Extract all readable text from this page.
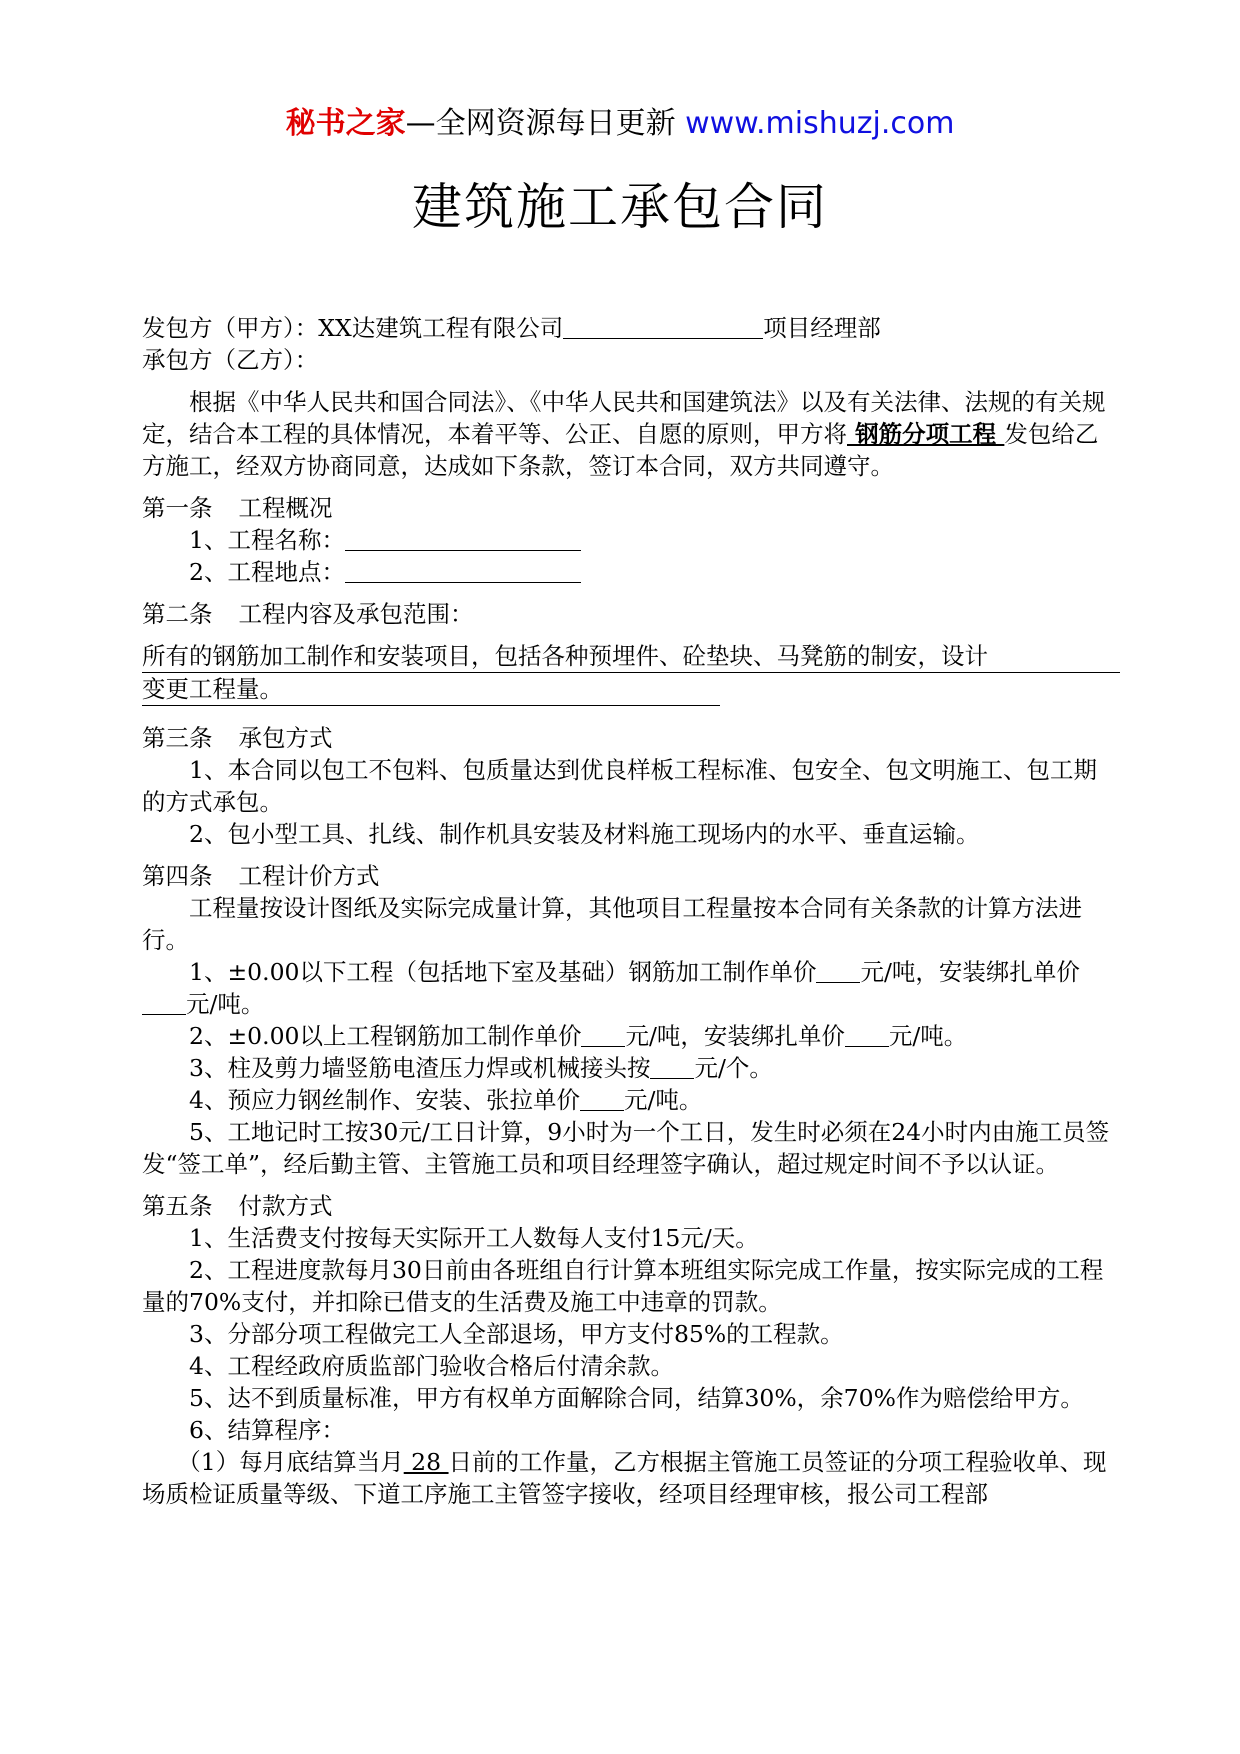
秘书之家—全网资源每日更新 www.mishuzj.com
建筑施工承包合同

发包方（甲方）：XX达建筑工程有限公司	项目经理部

承包方（乙方）：

根据《中华人民共和国合同法》、《中华人民共和国建筑法》以及有关法律、法规的有关规定，结合本工程的具体情况，本着平等、公正、自愿的原则，甲方将 钢筋分项工程 发包给乙方施工，经双方协商同意，达成如下条款，签订本合同，双方共同遵守。

第一条 工程概况

1、工程名称：

2、工程地点：

第二条 工程内容及承包范围：

所有的钢筋加工制作和安装项目，包括各种预埋件、砼垫块、马凳筋的制安，设计
变更工程量。

第三条 承包方式

1、本合同以包工不包料、包质量达到优良样板工程标准、包安全、包文明施工、包工期的方式承包。

2、包小型工具、扎线、制作机具安装及材料施工现场内的水平、垂直运输。

第四条 工程计价方式

工程量按设计图纸及实际完成量计算，其他项目工程量按本合同有关条款的计算方法进行。

1、±0.00以下工程（包括地下室及基础）钢筋加工制作单价 元/吨，安装绑扎单价元/吨。

2、±0.00以上工程钢筋加工制作单价 元/吨，安装绑扎单价 元/吨。

3、柱及剪力墙竖筋电渣压力焊或机械接头按 元/个。

4、预应力钢丝制作、安装、张拉单价 元/吨。

5、工地记时工按30元/工日计算，9小时为一个工日，发生时必须在24小时内由施工员签发“签工单”，经后勤主管、主管施工员和项目经理签字确认，超过规定时间不予以认证。

第五条 付款方式

1、生活费支付按每天实际开工人数每人支付15元/天。

2、工程进度款每月30日前由各班组自行计算本班组实际完成工作量，按实际完成的工程量的70%支付，并扣除已借支的生活费及施工中违章的罚款。

3、分部分项工程做完工人全部退场，甲方支付85%的工程款。

4、工程经政府质监部门验收合格后付清余款。

5、达不到质量标准，甲方有权单方面解除合同，结算30%，余70%作为赔偿给甲方。

6、结算程序：

（1）每月底结算当月 28 日前的工作量，乙方根据主管施工员签证的分项工程验收单、现场质检证质量等级、下道工序施工主管签字接收，经项目经理审核，报公司工程部
